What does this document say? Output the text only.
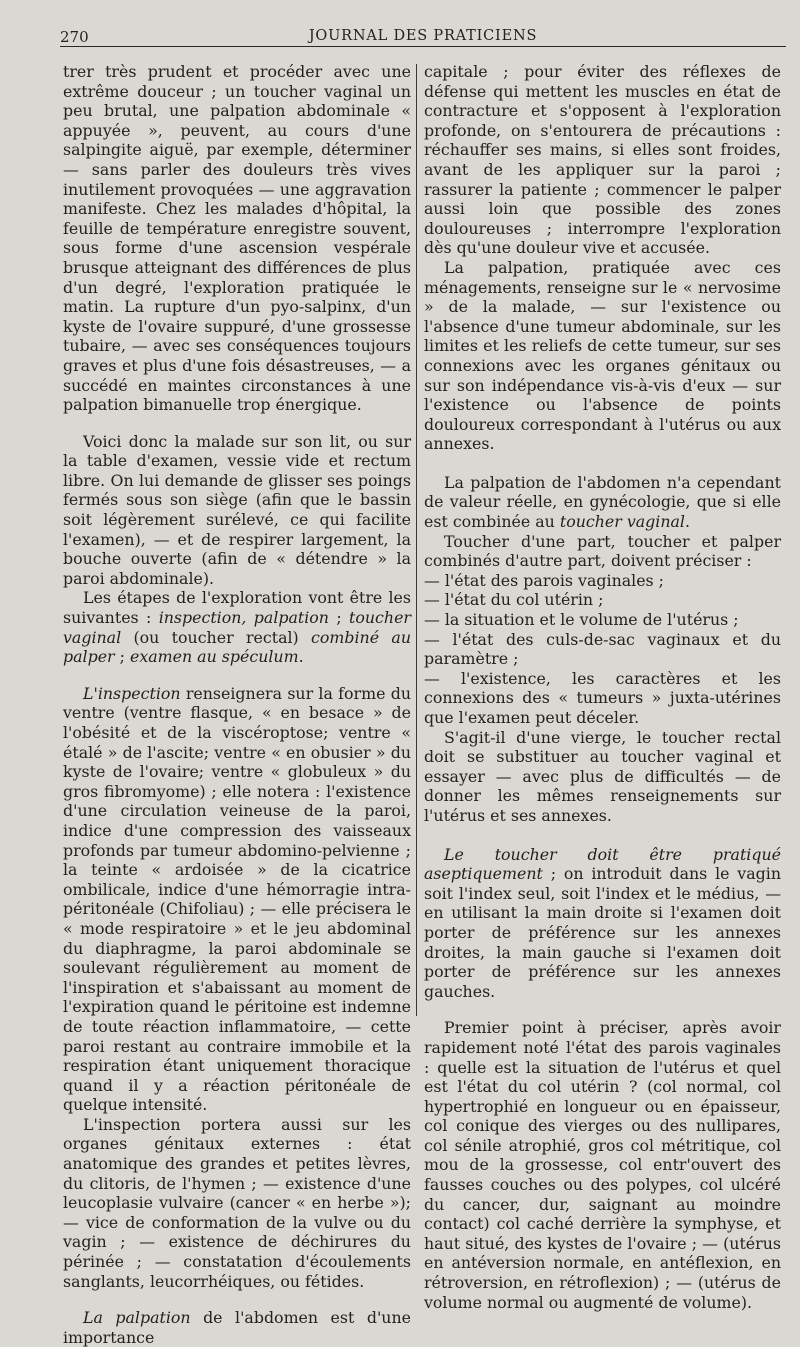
270	JOURNAL DES PRATICIENS

trer très prudent et procéder avec une extrême douceur ; un toucher vaginal un peu brutal, une palpation abdominale « appuyée », peuvent, au cours d'une salpingite aiguë, par exemple, déterminer — sans parler des douleurs très vives inutilement provoquées — une aggravation manifeste. Chez les malades d'hôpital, la feuille de température enregistre souvent, sous forme d'une ascension vespérale brusque atteignant des différences de plus d'un degré, l'exploration pratiquée le matin. La rupture d'un pyo-salpinx, d'un kyste de l'ovaire suppuré, d'une grossesse tubaire, — avec ses conséquences toujours graves et plus d'une fois désastreuses, — a succédé en maintes circonstances à une palpation bimanuelle trop énergique.

Voici donc la malade sur son lit, ou sur la table d'examen, vessie vide et rectum libre. On lui demande de glisser ses poings fermés sous son siège (afin que le bassin soit légèrement surélevé, ce qui facilite l'examen), — et de respirer largement, la bouche ouverte (afin de « détendre » la paroi abdominale).

Les étapes de l'exploration vont être les suivantes : inspection, palpation ; toucher vaginal (ou toucher rectal) combiné au palper ; examen au spéculum.

L'inspection renseignera sur la forme du ventre (ventre flasque, « en besace » de l'obésité et de la viscéroptose; ventre « étalé » de l'ascite; ventre « en obusier » du kyste de l'ovaire; ventre « globuleux » du gros fibromyome) ; elle notera : l'existence d'une circulation veineuse de la paroi, indice d'une compression des vaisseaux profonds par tumeur abdomino-pelvienne ; la teinte « ardoisée » de la cicatrice ombilicale, indice d'une hémorragie intra-péritonéale (Chifoliau) ; — elle précisera le « mode respiratoire » et le jeu abdominal du diaphragme, la paroi abdominale se soulevant régulièrement au moment de l'inspiration et s'abaissant au moment de l'expiration quand le péritoine est indemne de toute réaction inflammatoire, — cette paroi restant au contraire immobile et la respiration étant uniquement thoracique quand il y a réaction péritonéale de quelque intensité.

L'inspection portera aussi sur les organes génitaux externes : état anatomique des grandes et petites lèvres, du clitoris, de l'hymen ; — existence d'une leucoplasie vulvaire (cancer « en herbe »); — vice de conformation de la vulve ou du vagin ; — existence de déchirures du périnée ; — constatation d'écoulements sanglants, leucorrhéiques, ou fétides.

La palpation de l'abdomen est d'une importance

capitale ; pour éviter des réflexes de défense qui mettent les muscles en état de contracture et s'opposent à l'exploration profonde, on s'entourera de précautions : réchauffer ses mains, si elles sont froides, avant de les appliquer sur la paroi ; rassurer la patiente ; commencer le palper aussi loin que possible des zones douloureuses ; interrompre l'exploration dès qu'une douleur vive et accusée.

La palpation, pratiquée avec ces ménagements, renseigne sur le « nervosime » de la malade, — sur l'existence ou l'absence d'une tumeur abdominale, sur les limites et les reliefs de cette tumeur, sur ses connexions avec les organes génitaux ou sur son indépendance vis-à-vis d'eux — sur l'existence ou l'absence de points douloureux correspondant à l'utérus ou aux annexes.

La palpation de l'abdomen n'a cependant de valeur réelle, en gynécologie, que si elle est combinée au toucher vaginal.

Toucher d'une part, toucher et palper combinés d'autre part, doivent préciser :

— l'état des parois vaginales ;

— l'état du col utérin ;

— la situation et le volume de l'utérus ;

— l'état des culs-de-sac vaginaux et du paramètre ;

— l'existence, les caractères et les connexions des « tumeurs » juxta-utérines que l'examen peut déceler.

S'agit-il d'une vierge, le toucher rectal doit se substituer au toucher vaginal et essayer — avec plus de difficultés — de donner les mêmes renseignements sur l'utérus et ses annexes.

Le toucher doit être pratiqué aseptiquement ; on introduit dans le vagin soit l'index seul, soit l'index et le médius, — en utilisant la main droite si l'examen doit porter de préférence sur les annexes droites, la main gauche si l'examen doit porter de préférence sur les annexes gauches.

Premier point à préciser, après avoir rapidement noté l'état des parois vaginales : quelle est la situation de l'utérus et quel est l'état du col utérin ? (col normal, col hypertrophié en longueur ou en épaisseur, col conique des vierges ou des nullipares, col sénile atrophié, gros col métritique, col mou de la grossesse, col entr'ouvert des fausses couches ou des polypes, col ulcéré du cancer, dur, saignant au moindre contact) col caché derrière la symphyse, et haut situé, des kystes de l'ovaire ; — (utérus en antéversion normale, en antéflexion, en rétroversion, en rétroflexion) ; — (utérus de volume normal ou augmenté de volume).
